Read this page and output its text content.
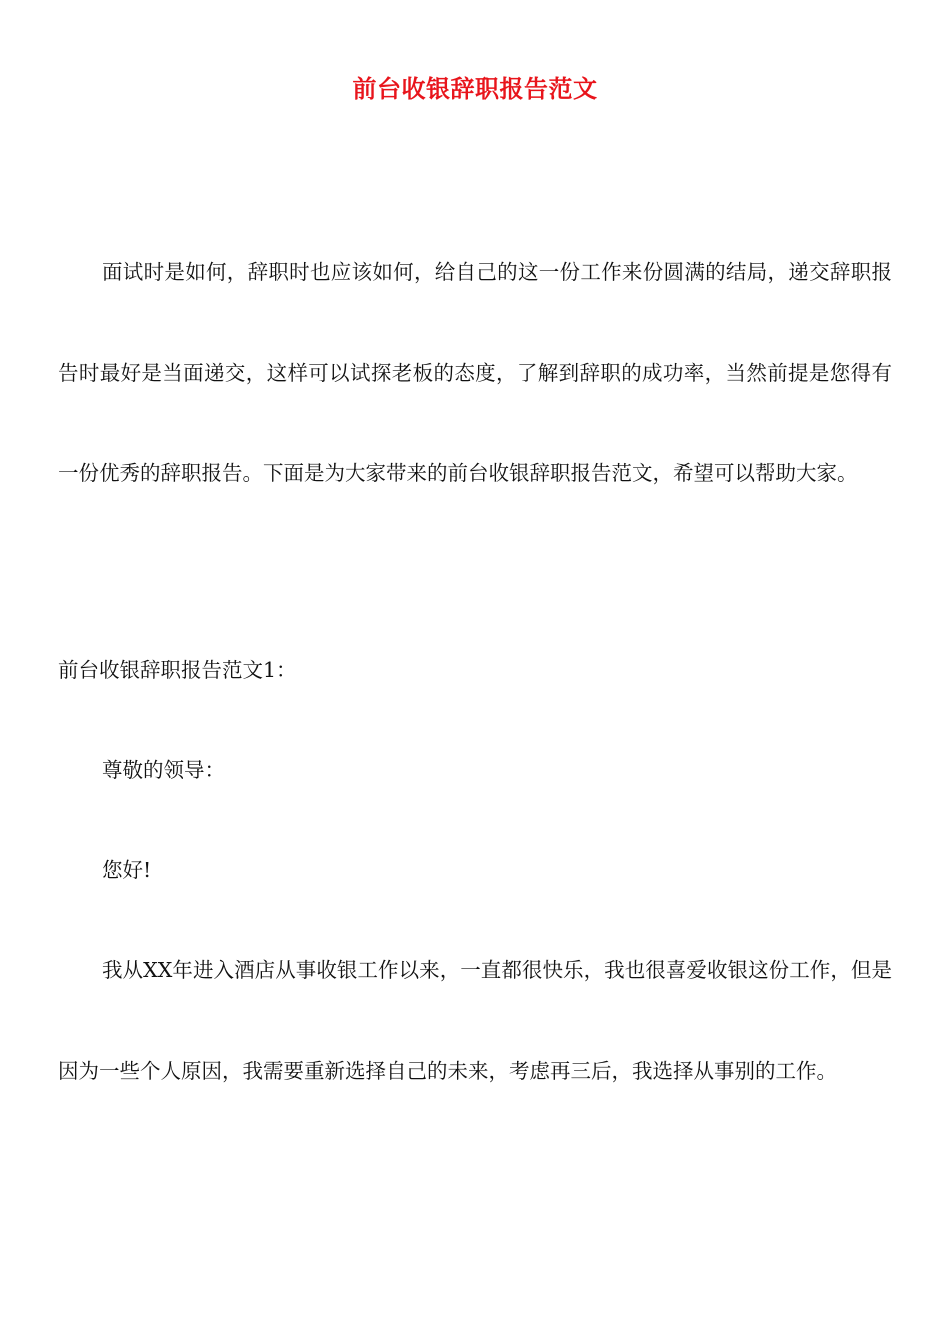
前台收银辞职报告范文

面试时是如何，辞职时也应该如何，给自己的这一份工作来份圆满的结局，递交辞职报告时最好是当面递交，这样可以试探老板的态度，了解到辞职的成功率，当然前提是您得有一份优秀的辞职报告。下面是为大家带来的前台收银辞职报告范文，希望可以帮助大家。

前台收银辞职报告范文1：

尊敬的领导：

您好!

我从XX年进入酒店从事收银工作以来，一直都很快乐，我也很喜爱收银这份工作，但是因为一些个人原因，我需要重新选择自己的未来，考虑再三后，我选择从事别的工作。
